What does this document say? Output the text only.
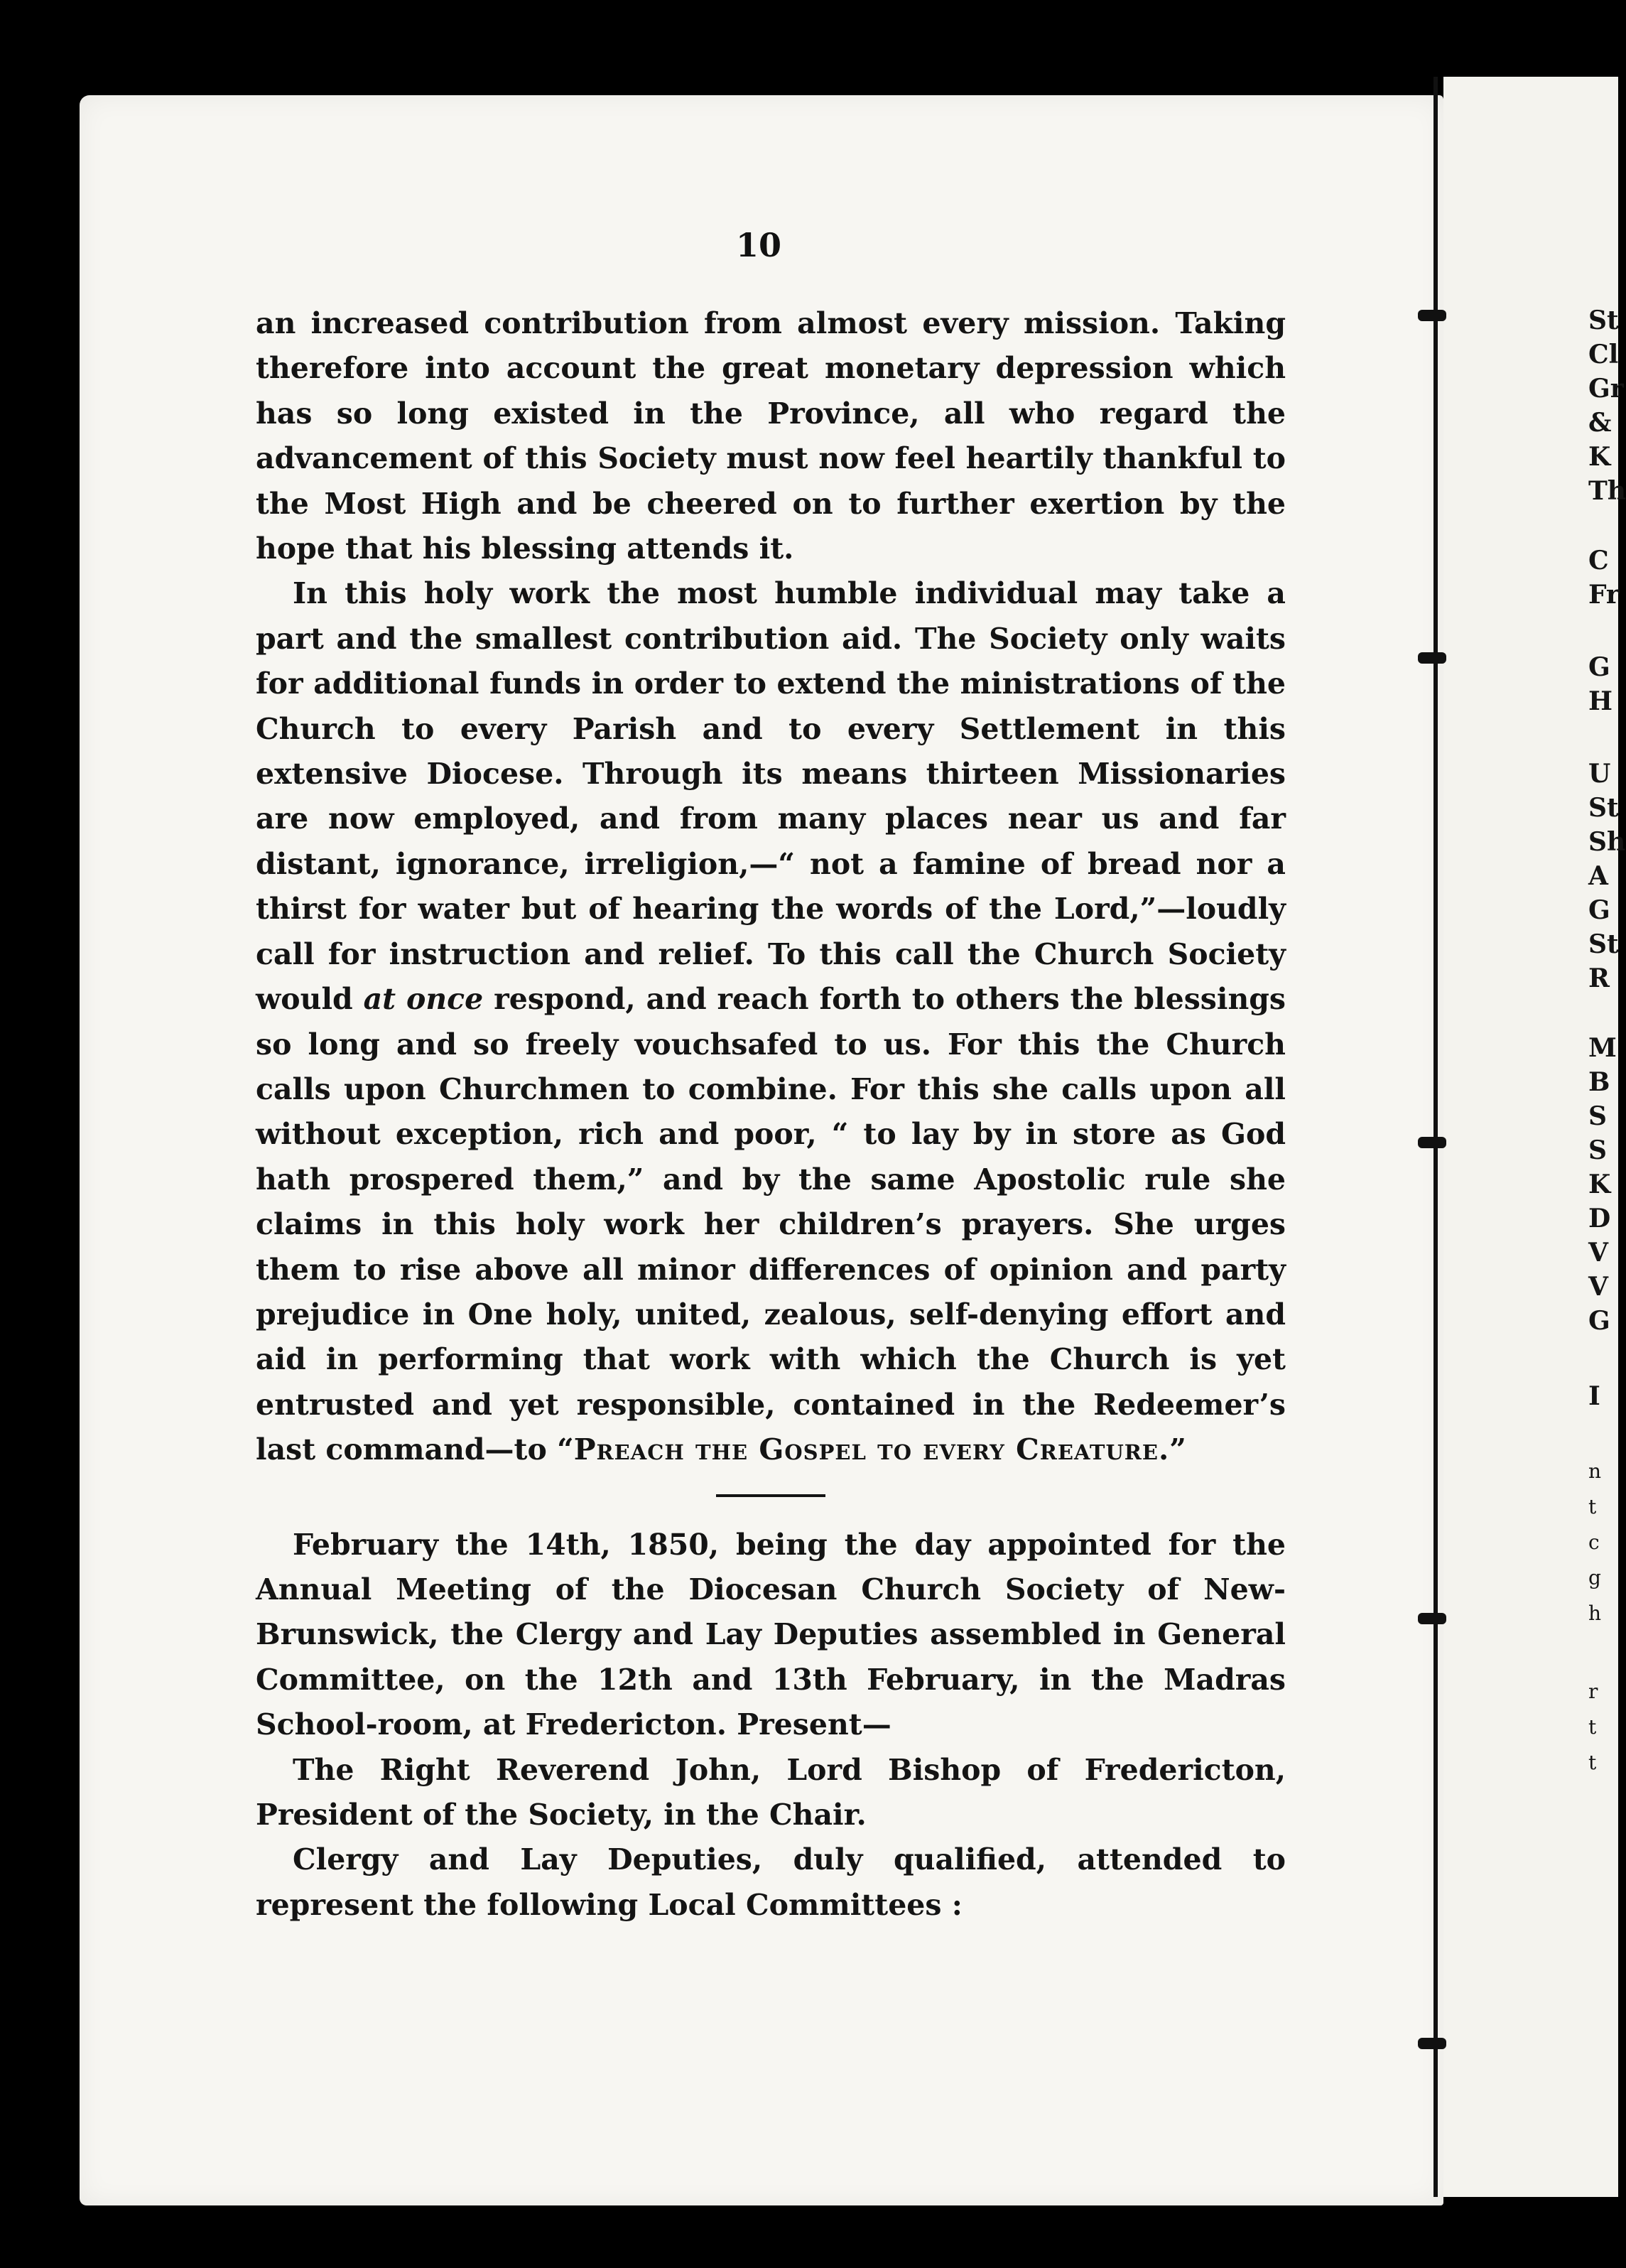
St
Cl
Gr
&
K
Th
C
Fr
G
H
U
St
Sh
A
G
St
R
M
B
S
S
K
D
V
V
G
I
n
t
c
g
h
r
t
t
10

an increased contribution from almost every mission. Taking therefore into account the great monetary depression which has so long existed in the Province, all who regard the advancement of this Society must now feel heartily thankful to the Most High and be cheered on to further exertion by the hope that his blessing attends it.

In this holy work the most humble individual may take a part and the smallest contribution aid. The Society only waits for additional funds in order to extend the ministrations of the Church to every Parish and to every Settlement in this extensive Diocese. Through its means thirteen Missionaries are now employed, and from many places near us and far distant, ignorance, irreligion,—“ not a famine of bread nor a thirst for water but of hearing the words of the Lord,”—loudly call for instruction and relief. To this call the Church Society would at once respond, and reach forth to others the blessings so long and so freely vouchsafed to us. For this the Church calls upon Churchmen to combine. For this she calls upon all without exception, rich and poor, “ to lay by in store as God hath prospered them,” and by the same Apostolic rule she claims in this holy work her children’s prayers. She urges them to rise above all minor differences of opinion and party prejudice in One holy, united, zealous, self-denying effort and aid in performing that work with which the Church is yet entrusted and yet responsible, contained in the Redeemer’s last command—to “Preach the Gospel to every Creature.”

February the 14th, 1850, being the day appointed for the Annual Meeting of the Diocesan Church Society of New-Brunswick, the Clergy and Lay Deputies assembled in General Committee, on the 12th and 13th February, in the Madras School-room, at Fredericton. Present—

The Right Reverend John, Lord Bishop of Fredericton, President of the Society, in the Chair.

Clergy and Lay Deputies, duly qualified, attended to represent the following Local Committees :
